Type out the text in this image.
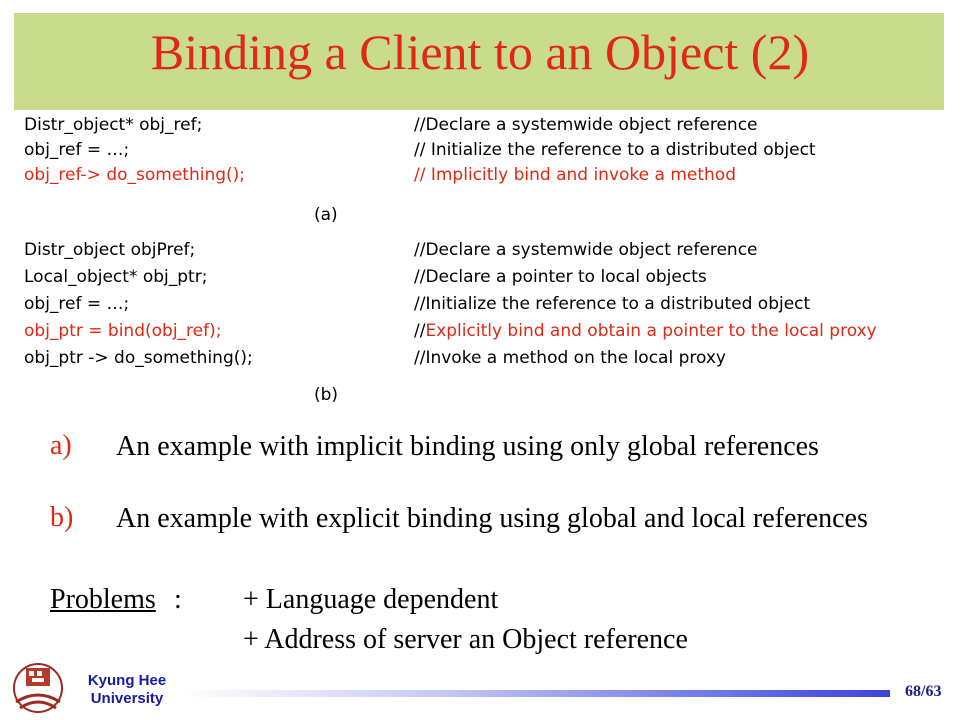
Binding a Client to an Object (2)
Distr_object* obj_ref;	//Declare a systemwide object reference
obj_ref = …;	// Initialize the reference to a distributed object
obj_ref-> do_something();	// Implicitly bind and invoke a method
(a)
Distr_object objPref;	//Declare a systemwide object reference
Local_object* obj_ptr;	//Declare a pointer to local objects
obj_ref = …;	//Initialize the reference to a distributed object
obj_ptr = bind(obj_ref);	//Explicitly bind and obtain a pointer to the local proxy
obj_ptr -> do_something();	//Invoke a method on the local proxy
(b)
a) An example with implicit binding using only global references
b) An example with explicit binding using global and local references
Problems : + Language dependent
+ Address of server an Object reference
Kyung Hee
University	68/63
